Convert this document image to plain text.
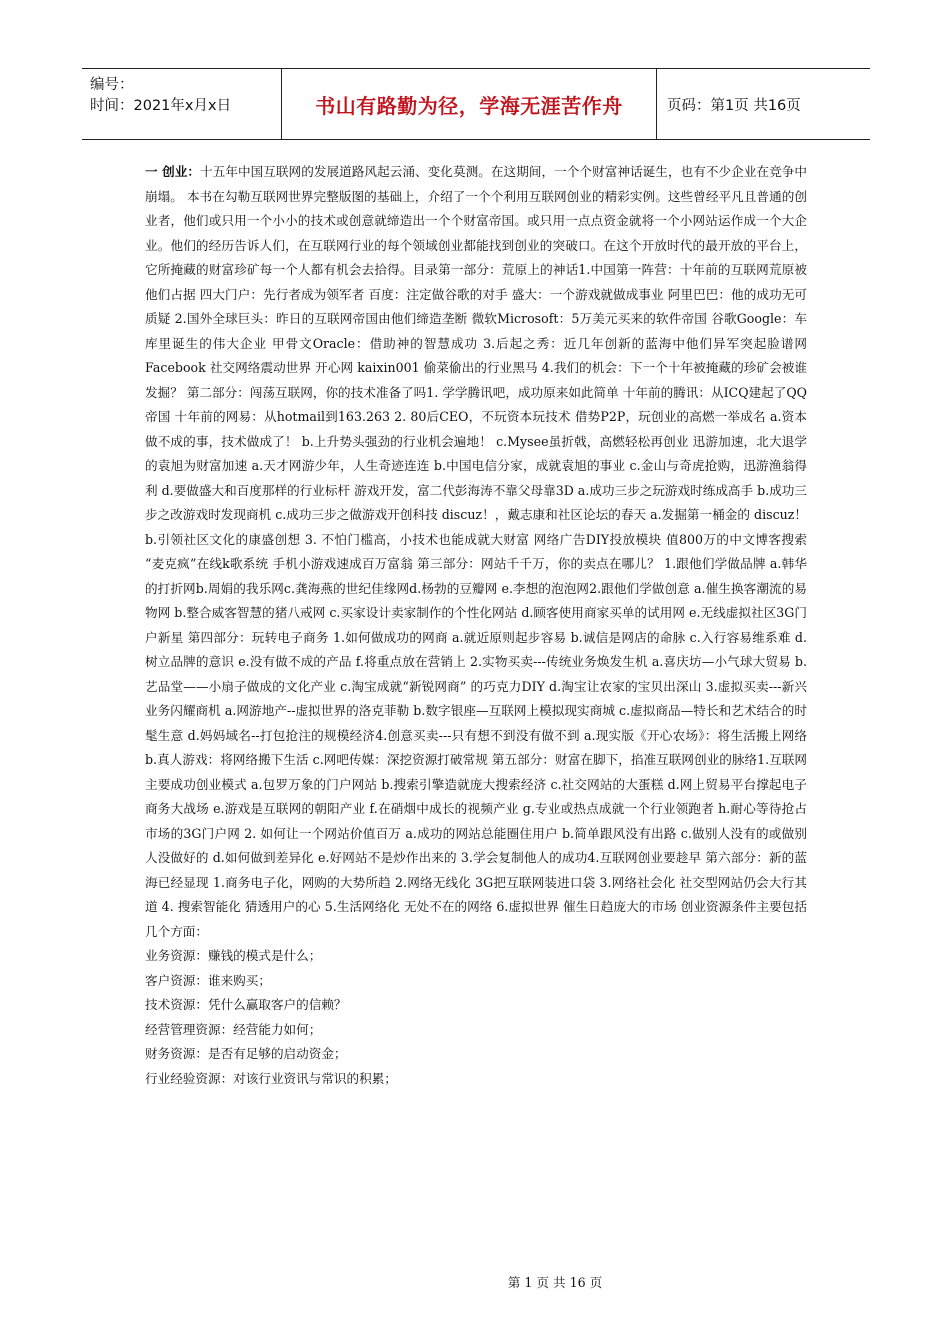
编号：
时间：2021年x月x日	书山有路勤为径，学海无涯苦作舟	页码：第1页 共16页

一 创业：十五年中国互联网的发展道路风起云涌、变化莫测。在这期间，一个个财富神话诞生，也有不少企业在竞争中崩塌。 本书在勾勒互联网世界完整版图的基础上，介绍了一个个利用互联网创业的精彩实例。这些曾经平凡且普通的创业者，他们或只用一个小小的技术或创意就缔造出一个个财富帝国。或只用一点点资金就将一个小网站运作成一个大企业。他们的经历告诉人们，在互联网行业的每个领域创业都能找到创业的突破口。在这个开放时代的最开放的平台上，它所掩藏的财富珍矿每一个人都有机会去拾得。目录第一部分：荒原上的神话1.中国第一阵营：十年前的互联网荒原被他们占据 四大门户：先行者成为领军者 百度：注定做谷歌的对手 盛大：一个游戏就做成事业 阿里巴巴：他的成功无可质疑 2.国外全球巨头：昨日的互联网帝国由他们缔造垄断 微软Microsoft：5万美元买来的软件帝国 谷歌Google：车库里诞生的伟大企业 甲骨文Oracle：借助神的智慧成功 3.后起之秀：近几年创新的蓝海中他们异军突起脸谱网 Facebook 社交网络震动世界 开心网 kaixin001 偷菜偷出的行业黑马 4.我们的机会：下一个十年被掩藏的珍矿会被谁发掘？ 第二部分：闯荡互联网，你的技术准备了吗1. 学学腾讯吧，成功原来如此简单 十年前的腾讯：从ICQ建起了QQ帝国 十年前的网易：从hotmail到163.263 2. 80后CEO，不玩资本玩技术 借势P2P，玩创业的高燃一举成名 a.资本做不成的事，技术做成了！ b.上升势头强劲的行业机会遍地！ c.Mysee虽折戟，高燃轻松再创业 迅游加速，北大退学的袁旭为财富加速 a.天才网游少年，人生奇迹连连 b.中国电信分家，成就袁旭的事业 c.金山与奇虎抢购，迅游渔翁得利 d.要做盛大和百度那样的行业标杆 游戏开发，富二代彭海涛不靠父母靠3D a.成功三步之玩游戏时练成高手 b.成功三步之改游戏时发现商机 c.成功三步之做游戏开创科技 discuz！，戴志康和社区论坛的春天 a.发掘第一桶金的 discuz！ b.引领社区文化的康盛创想 3. 不怕门槛高，小技术也能成就大财富 网络广告DIY投放模块 值800万的中文博客搜索 “麦克疯”在线k歌系统 手机小游戏速成百万富翁 第三部分：网站千千万，你的卖点在哪儿？ 1.跟他们学做品牌 a.韩华的打折网b.周娟的我乐网c.龚海燕的世纪佳缘网d.杨勃的豆瓣网 e.李想的泡泡网2.跟他们学做创意 a.催生换客潮流的易物网 b.整合威客智慧的猪八戒网 c.买家设计卖家制作的个性化网站 d.顾客使用商家买单的试用网 e.无线虚拟社区3G门户新星 第四部分：玩转电子商务 1.如何做成功的网商 a.就近原则起步容易 b.诚信是网店的命脉 c.入行容易维系难 d.树立品牌的意识 e.没有做不成的产品 f.将重点放在营销上 2.实物买卖---传统业务焕发生机 a.喜庆坊—小气球大贸易 b.艺品堂——小扇子做成的文化产业 c.淘宝成就“新锐网商” 的巧克力DIY d.淘宝让农家的宝贝出深山 3.虚拟买卖---新兴业务闪耀商机 a.网游地产--虚拟世界的洛克菲勒 b.数字银座—互联网上模拟现实商城 c.虚拟商品—特长和艺术结合的时髦生意 d.妈妈域名--打包抢注的规模经济4.创意买卖---只有想不到没有做不到 a.现实版《开心农场》：将生活搬上网络 b.真人游戏：将网络搬下生活 c.网吧传媒：深挖资源打破常规 第五部分：财富在脚下，掐准互联网创业的脉络1.互联网主要成功创业模式 a.包罗万象的门户网站 b.搜索引擎造就庞大搜索经济 c.社交网站的大蛋糕 d.网上贸易平台撑起电子商务大战场 e.游戏是互联网的朝阳产业 f.在硝烟中成长的视频产业 g.专业或热点成就一个行业领跑者 h.耐心等待抢占市场的3G门户网 2. 如何让一个网站价值百万 a.成功的网站总能圈住用户 b.简单跟风没有出路 c.做别人没有的或做别人没做好的 d.如何做到差异化 e.好网站不是炒作出来的 3.学会复制他人的成功4.互联网创业要趁早 第六部分：新的蓝海已经显现 1.商务电子化，网购的大势所趋 2.网络无线化 3G把互联网装进口袋 3.网络社会化 社交型网站仍会大行其道 4. 搜索智能化 猜透用户的心 5.生活网络化 无处不在的网络 6.虚拟世界 催生日趋庞大的市场 创业资源条件主要包括几个方面：

业务资源：赚钱的模式是什么；

客户资源：谁来购买；

技术资源：凭什么赢取客户的信赖？

经营管理资源：经营能力如何；

财务资源：是否有足够的启动资金；

行业经验资源：对该行业资讯与常识的积累；

第 1 页 共 16 页
